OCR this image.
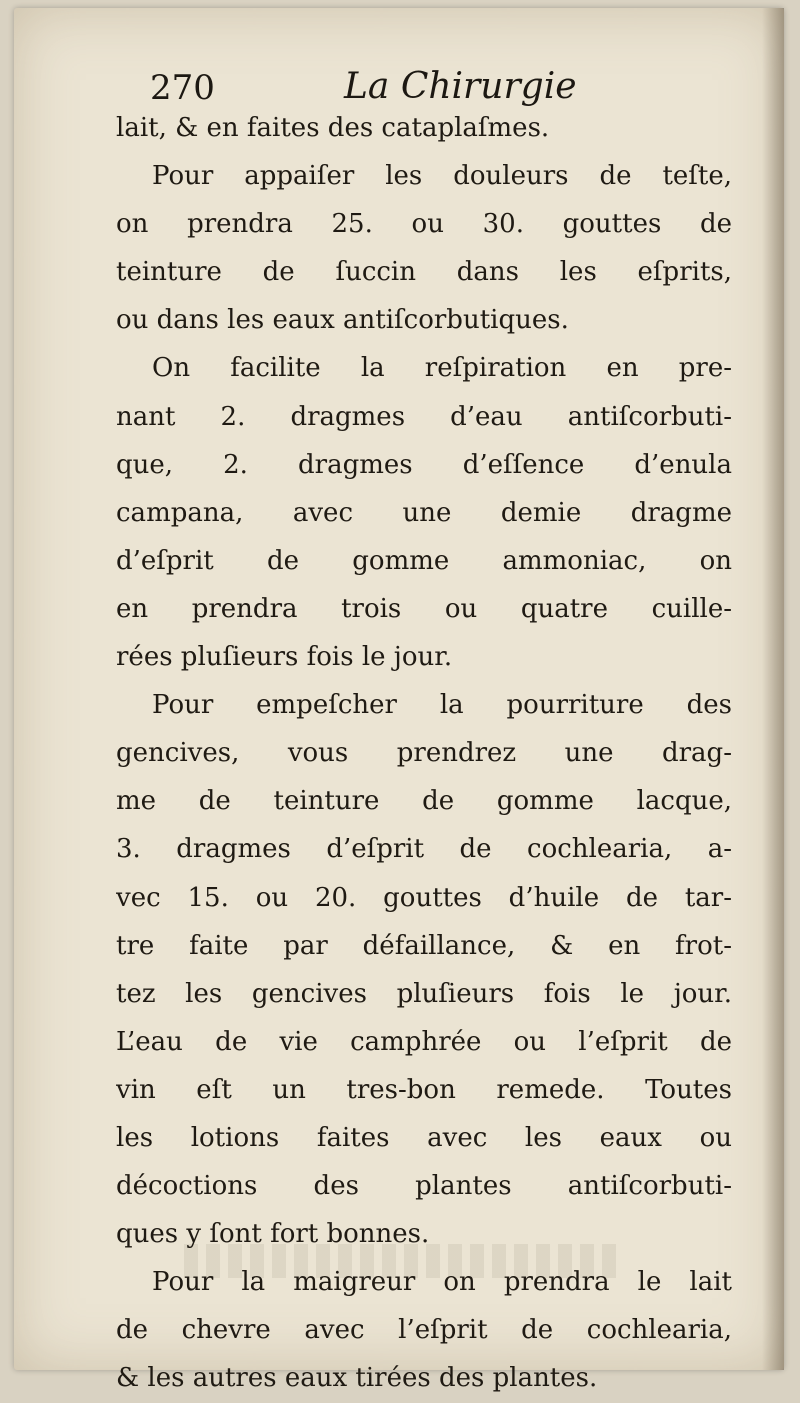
270	La Chirurgie
lait, & en faites des cataplaſmes.
Pour appaiſer les douleurs de teſte,
on prendra 25. ou 30. gouttes de
teinture de ſuccin dans les eſprits,
ou dans les eaux antiſcorbutiques.
On facilite la reſpiration en pre-
nant 2. dragmes d’eau antiſcorbuti-
que, 2. dragmes d’eſſence d’enula
campana, avec une demie dragme
d’eſprit de gomme ammoniac, on
en prendra trois ou quatre cuille-
rées pluſieurs fois le jour.
Pour empeſcher la pourriture des
gencives, vous prendrez une drag-
me de teinture de gomme lacque,
3. dragmes d’eſprit de cochlearia, a-
vec 15. ou 20. gouttes d’huile de tar-
tre faite par défaillance, & en frot-
tez les gencives pluſieurs fois le jour.
L’eau de vie camphrée ou l’eſprit de
vin eſt un tres-bon remede. Toutes
les lotions faites avec les eaux ou
décoctions des plantes antiſcorbuti-
ques y ſont fort bonnes.
Pour la maigreur on prendra le lait
de chevre avec l’eſprit de cochlearia,
& les autres eaux tirées des plantes.
